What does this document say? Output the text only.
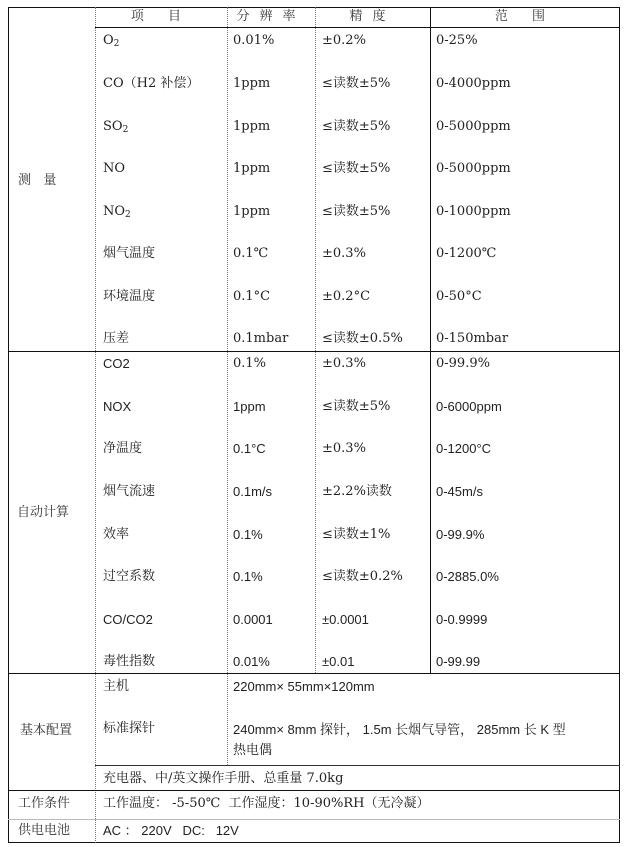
项 目	分辨率	精度	范 围
测   量
$O_2$	0.01%	±0.2%	0-25%
CO（H2 补偿）	1ppm	≤读数±5%	0-4000ppm
$SO_2$	1ppm	≤读数±5%	0-5000ppm
NO	1ppm	≤读数±5%	0-5000ppm
$NO_2$	1ppm	≤读数±5%	0-1000ppm
烟气温度	0.1℃	±0.3%	0-1200℃
环境温度	0.1°C	±0.2°C	0-50°C
压差	0.1mbar	≤读数±0.5%	0-150mbar
自动计算
CO2	0.1%	±0.3%	0-99.9%
NOX	1ppm	≤读数±5%	0-6000ppm
净温度	0.1°C	±0.3%	0-1200°C
烟气流速	0.1m/s	±2.2%读数	0-45m/s
效率	0.1%	≤读数±1%	0-99.9%
过空系数	0.1%	≤读数±0.2%	0-2885.0%
CO/CO2	0.0001	±0.0001	0-0.9999
毒性指数	0.01%	±0.01	0-99.99
基本配置
主机	220mm× 55mm×120mm
标准探针	240mm× 8mm 探针， 1.5m 长烟气导管， 285mm 长 K 型
热电偶
充电器、中/英文操作手册、总重量 7.0kg
工作条件	工作温度： -5-50℃  工作湿度：10-90%RH（无冷凝）
供电电池	AC ： 220V   DC:   12V
